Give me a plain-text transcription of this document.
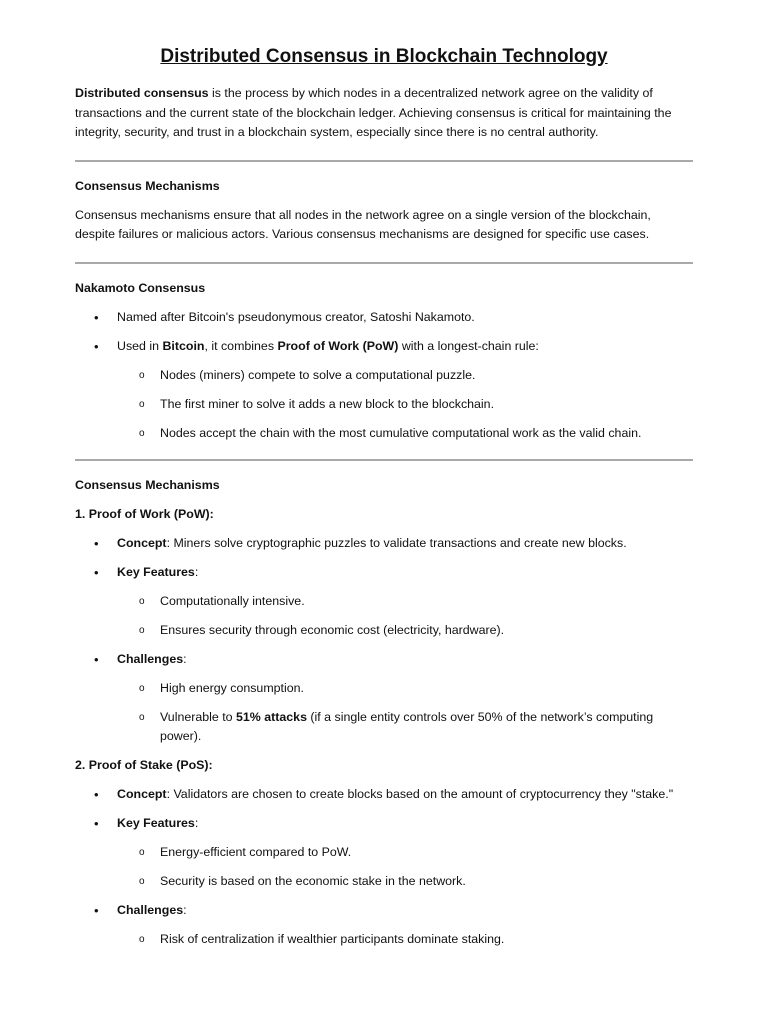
Distributed Consensus in Blockchain Technology

Distributed consensus is the process by which nodes in a decentralized network agree on the validity of transactions and the current state of the blockchain ledger. Achieving consensus is critical for maintaining the integrity, security, and trust in a blockchain system, especially since there is no central authority.

Consensus Mechanisms

Consensus mechanisms ensure that all nodes in the network agree on a single version of the blockchain, despite failures or malicious actors. Various consensus mechanisms are designed for specific use cases.

Nakamoto Consensus

• Named after Bitcoin's pseudonymous creator, Satoshi Nakamoto.
• Used in Bitcoin, it combines Proof of Work (PoW) with a longest-chain rule:
o Nodes (miners) compete to solve a computational puzzle.
o The first miner to solve it adds a new block to the blockchain.
o Nodes accept the chain with the most cumulative computational work as the valid chain.

Consensus Mechanisms

1. Proof of Work (PoW):

• Concept: Miners solve cryptographic puzzles to validate transactions and create new blocks.
• Key Features:
o Computationally intensive.
o Ensures security through economic cost (electricity, hardware).
• Challenges:
o High energy consumption.
o Vulnerable to 51% attacks (if a single entity controls over 50% of the network’s computing power).

2. Proof of Stake (PoS):

• Concept: Validators are chosen to create blocks based on the amount of cryptocurrency they "stake."
• Key Features:
o Energy-efficient compared to PoW.
o Security is based on the economic stake in the network.
• Challenges:
o Risk of centralization if wealthier participants dominate staking.
